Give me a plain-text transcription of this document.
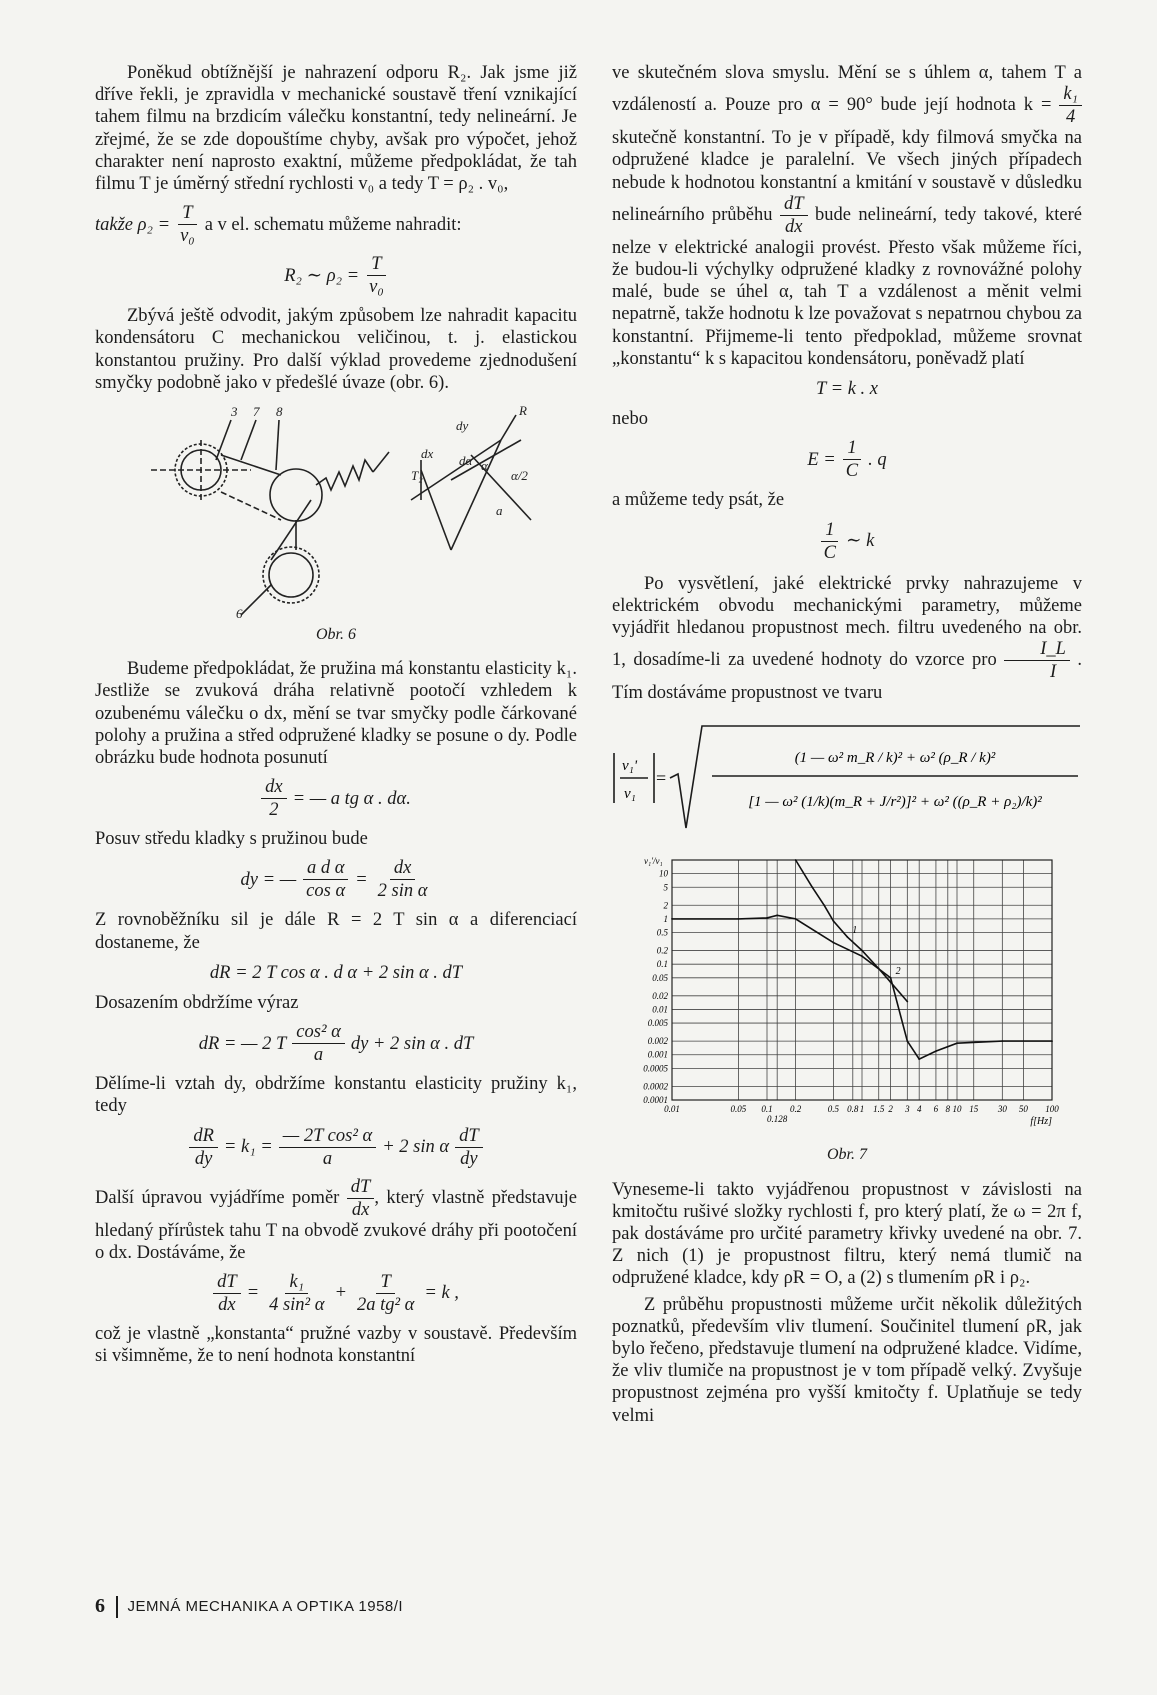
Poněkud obtížnější je nahrazení odporu R₂. Jak jsme již dříve řekli, je zpravidla v mechanické soustavě tření vznikající tahem filmu na brzdicím válečku konstantní, tedy nelineární. Je zřejmé, že se zde dopouštíme chyby, avšak pro výpočet, jehož charakter není naprosto exaktní, můžeme předpokládat, že tah filmu T je úměrný střední rychlosti v₀ a tedy T = ρ₂ . v₀,

takže $\rho_2 = \frac{T}{\text{v₀}}$ a v el. schematu můžeme nahradit:
R₂ ∼ $\rho_2 = \frac{T}{\text{v₀}}$

Zbývá ještě odvodit, jakým způsobem lze nahradit kapacitu kondensátoru C mechanickou veličinou, t. j. elastickou konstantou pružiny. Pro další výklad provedeme zjednodušení smyčky podobně jako v předešlé úvaze (obr. 6).

3 7 8
6
dy
dx dα α
α/2
a
T₂
R
Obr. 6

Budeme předpokládat, že pružina má konstantu elasticity k₁. Jestliže se zvuková dráha relativně pootočí vzhledem k ozubenému válečku o dx, mění se tvar smyčky podle čárkované polohy a pružina a střed odpružené kladky se posune o dy. Podle obrázku bude hodnota posunutí

$\frac{dx}{2}$ = — a tg α . dα.

Posuv středu kladky s pružinou bude

dy = — $\frac{\text{a d α}}{\text{cos α}} = \frac{dx}{\text{2 sin α}}$

Z rovnoběžníku sil je dále R = 2 T sin α a diferenciací dostaneme, že

dR = 2 T cos α . d α + 2 sin α . dT

Dosazením obdržíme výraz

dR = — 2 T $\frac{\text{cos² α}}{a}$ dy + 2 sin α . dT

Dělíme-li vztah dy, obdržíme konstantu elasticity pružiny k₁, tedy

$\frac{dR}{dy} = k_1 = \frac{\text{— 2T cos² α}}{a} + 2$ sin α $\frac{dT}{dy}$
Další úpravou vyjádříme poměr $\frac{dT}{dx}$ , který vlastně představuje hledaný přírůstek tahu T na obvodě zvukové dráhy při pootočení o dx. Dostáváme, že
$\frac{dT}{dx} = \frac{\text{k₁}}{\text{4 sin² α}} + \frac{T}{\text{2a tg² α}} = k$ ,

což je vlastně „konstanta“ pružné vazby v soustavě. Především si všimněme, že to není hodnota konstantní

ve skutečném slova smyslu. Mění se s úhlem α, tahem T a vzdáleností a. Pouze pro α = 90° bude její hodnota $k = \frac{\text{k₁}}{4}$
skutečně konstantní. To je v případě, kdy filmová smyčka na odpružené kladce je paralelní. Ve všech jiných případech nebude k hodnotou konstantní a kmitání v soustavě v důsledku nelineárního průběhu $\frac{dT}{dx}$ bude nelineární, tedy takové, které nelze v elektrické analogii provést. Přesto však můžeme říci, že budou-li výchylky odpružené kladky z rovnovážné polohy malé, bude se úhel α, tah T a vzdálenost a měnit velmi nepatrně, takže hodnotu k lze považovat s nepatrnou chybou za konstantní. Přijmeme-li tento předpoklad, můžeme srovnat „konstantu“ k s kapacitou kondensátoru, poněvadž platí
T = k . x

nebo

$E = \frac{1}{C}$ . q

a můžeme tedy psát, že

$\frac{1}{C}$ ∼ k
Po vysvětlení, jaké elektrické prvky nahrazujeme v elektrickém obvodu mechanickými parametry, můžeme vyjádřit hledanou propustnost mech. filtru uvedeného na obr. 1, dosadíme-li za uvedené hodnoty do vzorce pro $\frac{I\_L}{I}$ . Tím dostáváme propustnost ve tvaru
v₁'
v₁
=
(1 — ω² m_R / k)² + ω² (ρ_R / k)²
[1 — ω² (1/k)(m_R + J/r²)]² + ω² ((ρ_R + ρ₂)/k)²
10
5
2
1
0.5
0.2
0.1
0.05
0.02
0.01
0.005
0.002
0.001
0.0005
0.0002
0.0001
0.01	0.05 0.1
0.128
0.2	0.5 0.8 1 1.5 2 3 4 6 8 10 15 30 50 100
f[Hz]
v₁'/v₁
1
2
Obr. 7

Vyneseme-li takto vyjádřenou propustnost v závislosti na kmitočtu rušivé složky rychlosti f, pro který platí, že ω = 2π f, pak dostáváme pro určité parametry křivky uvedené na obr. 7. Z nich (1) je propustnost filtru, který nemá tlumič na odpružené kladce, kdy ρR = O, a (2) s tlumením ρR i ρ₂.

Z průběhu propustnosti můžeme určit několik důležitých poznatků, především vliv tlumení. Součinitel tlumení ρR, jak bylo řečeno, představuje tlumení na odpružené kladce. Vidíme, že vliv tlumiče na propustnost je v tom případě velký. Zvyšuje propustnost zejména pro vyšší kmitočty f. Uplatňuje se tedy velmi

6 JEMNÁ MECHANIKA A OPTIKA 1958/I
